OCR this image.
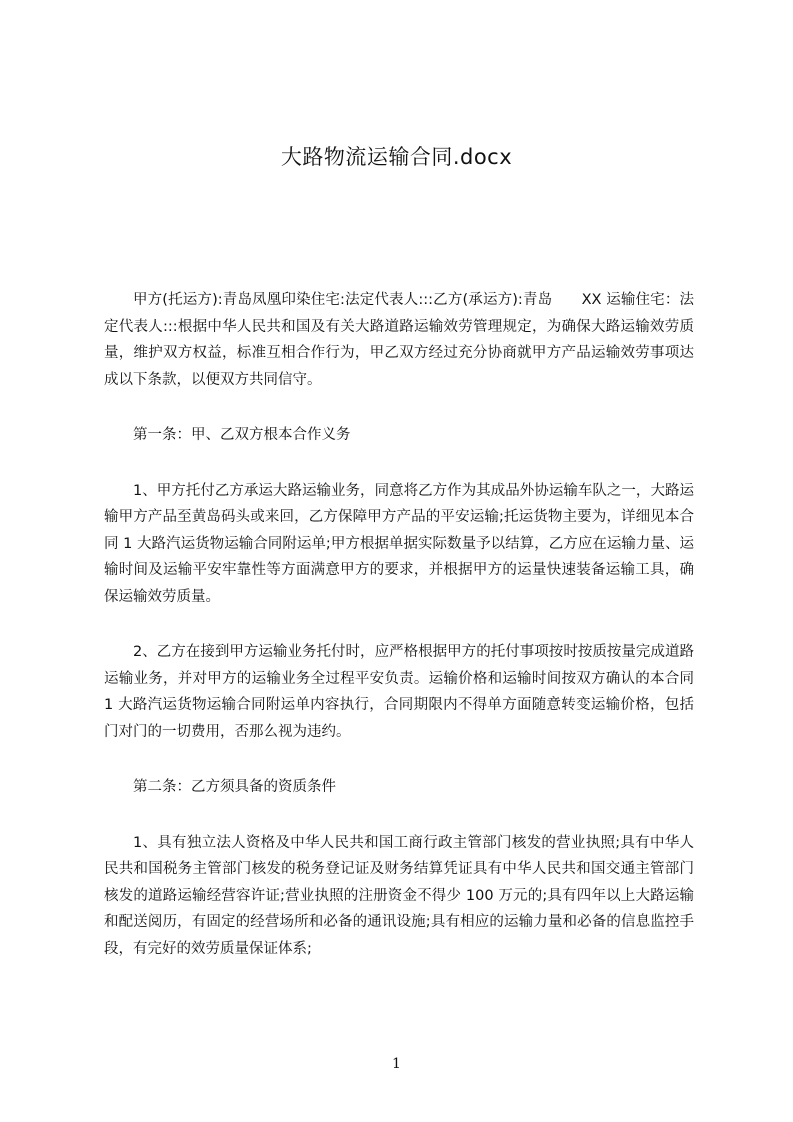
大路物流运输合同.docx

甲方(托运方):青岛凤凰印染住宅:法定代表人:::乙方(承运方):青岛　　XX 运输住宅：法定代表人:::根据中华人民共和国及有关大路道路运输效劳管理规定，为确保大路运输效劳质量，维护双方权益，标准互相合作行为，甲乙双方经过充分协商就甲方产品运输效劳事项达成以下条款，以便双方共同信守。

第一条：甲、乙双方根本合作义务

1、甲方托付乙方承运大路运输业务，同意将乙方作为其成品外协运输车队之一，大路运输甲方产品至黄岛码头或来回，乙方保障甲方产品的平安运输;托运货物主要为，详细见本合同 1 大路汽运货物运输合同附运单;甲方根据单据实际数量予以结算，乙方应在运输力量、运输时间及运输平安牢靠性等方面满意甲方的要求，并根据甲方的运量快速装备运输工具，确保运输效劳质量。

2、乙方在接到甲方运输业务托付时，应严格根据甲方的托付事项按时按质按量完成道路运输业务，并对甲方的运输业务全过程平安负责。运输价格和运输时间按双方确认的本合同 1 大路汽运货物运输合同附运单内容执行，合同期限内不得单方面随意转变运输价格，包括门对门的一切费用，否那么视为违约。

第二条：乙方须具备的资质条件

1、具有独立法人资格及中华人民共和国工商行政主管部门核发的营业执照;具有中华人民共和国税务主管部门核发的税务登记证及财务结算凭证具有中华人民共和国交通主管部门核发的道路运输经营容许证;营业执照的注册资金不得少 100 万元的;具有四年以上大路运输和配送阅历，有固定的经营场所和必备的通讯设施;具有相应的运输力量和必备的信息监控手段，有完好的效劳质量保证体系;

1
